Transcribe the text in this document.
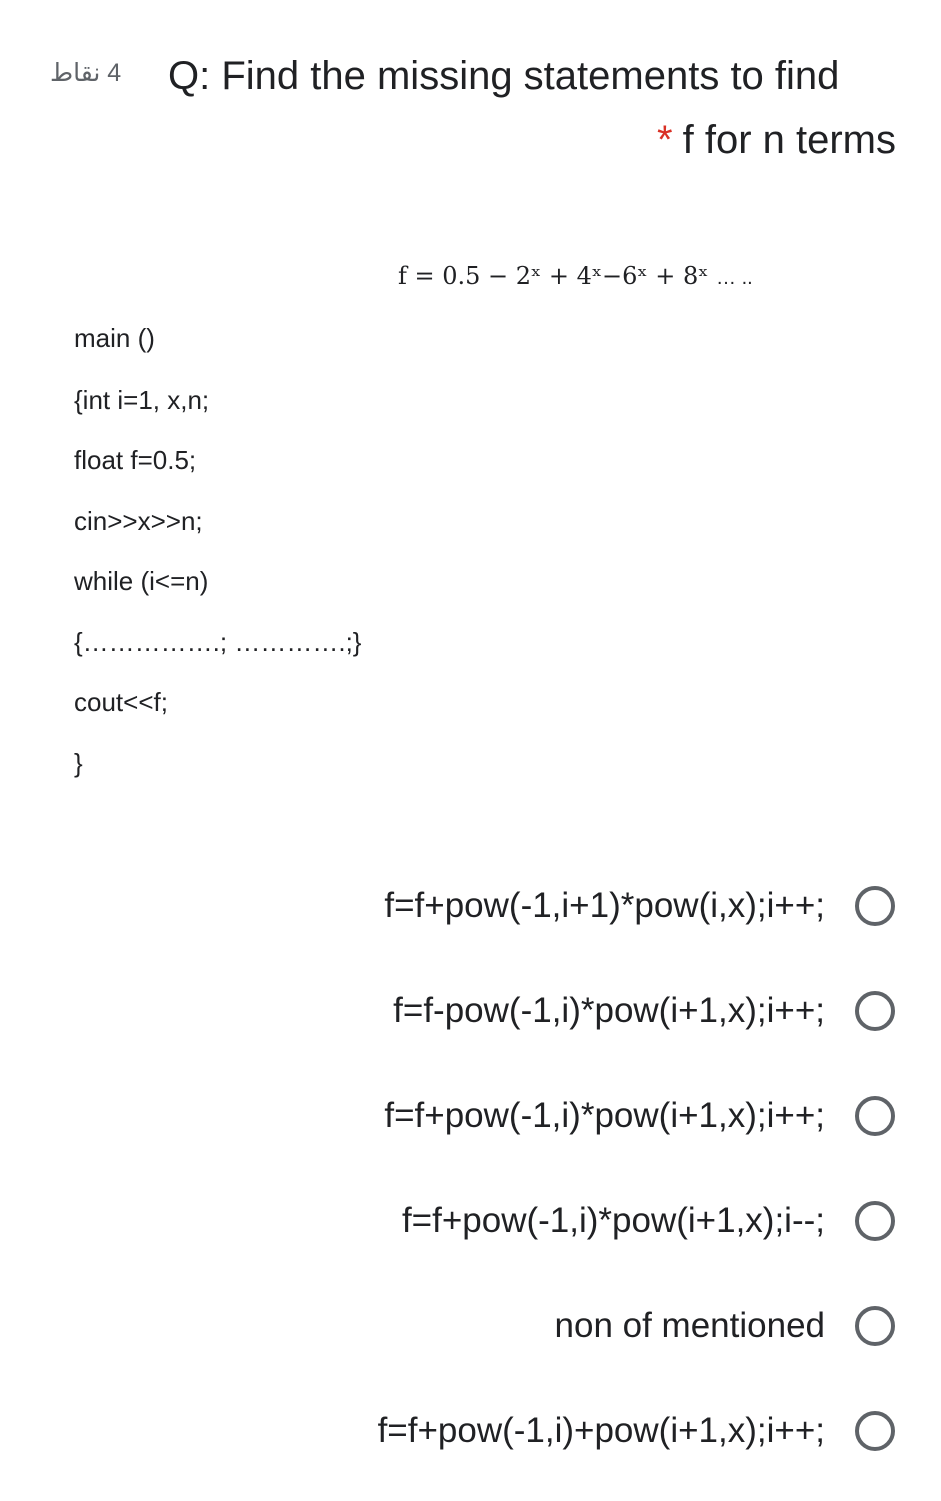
4 نقاط Q: Find the missing statements to find
* f for n terms
f = 0.5 − 2ˣ + 4ˣ−6ˣ + 8ˣ … ..
main ()
{int i=1, x,n;
float f=0.5;
cin>>x>>n;
while (i<=n)
{…………….; ………….;}
cout<<f;
}
f=f+pow(-1,i+1)*pow(i,x);i++;
f=f-pow(-1,i)*pow(i+1,x);i++;
f=f+pow(-1,i)*pow(i+1,x);i++;
f=f+pow(-1,i)*pow(i+1,x);i--;
non of mentioned
f=f+pow(-1,i)+pow(i+1,x);i++;
